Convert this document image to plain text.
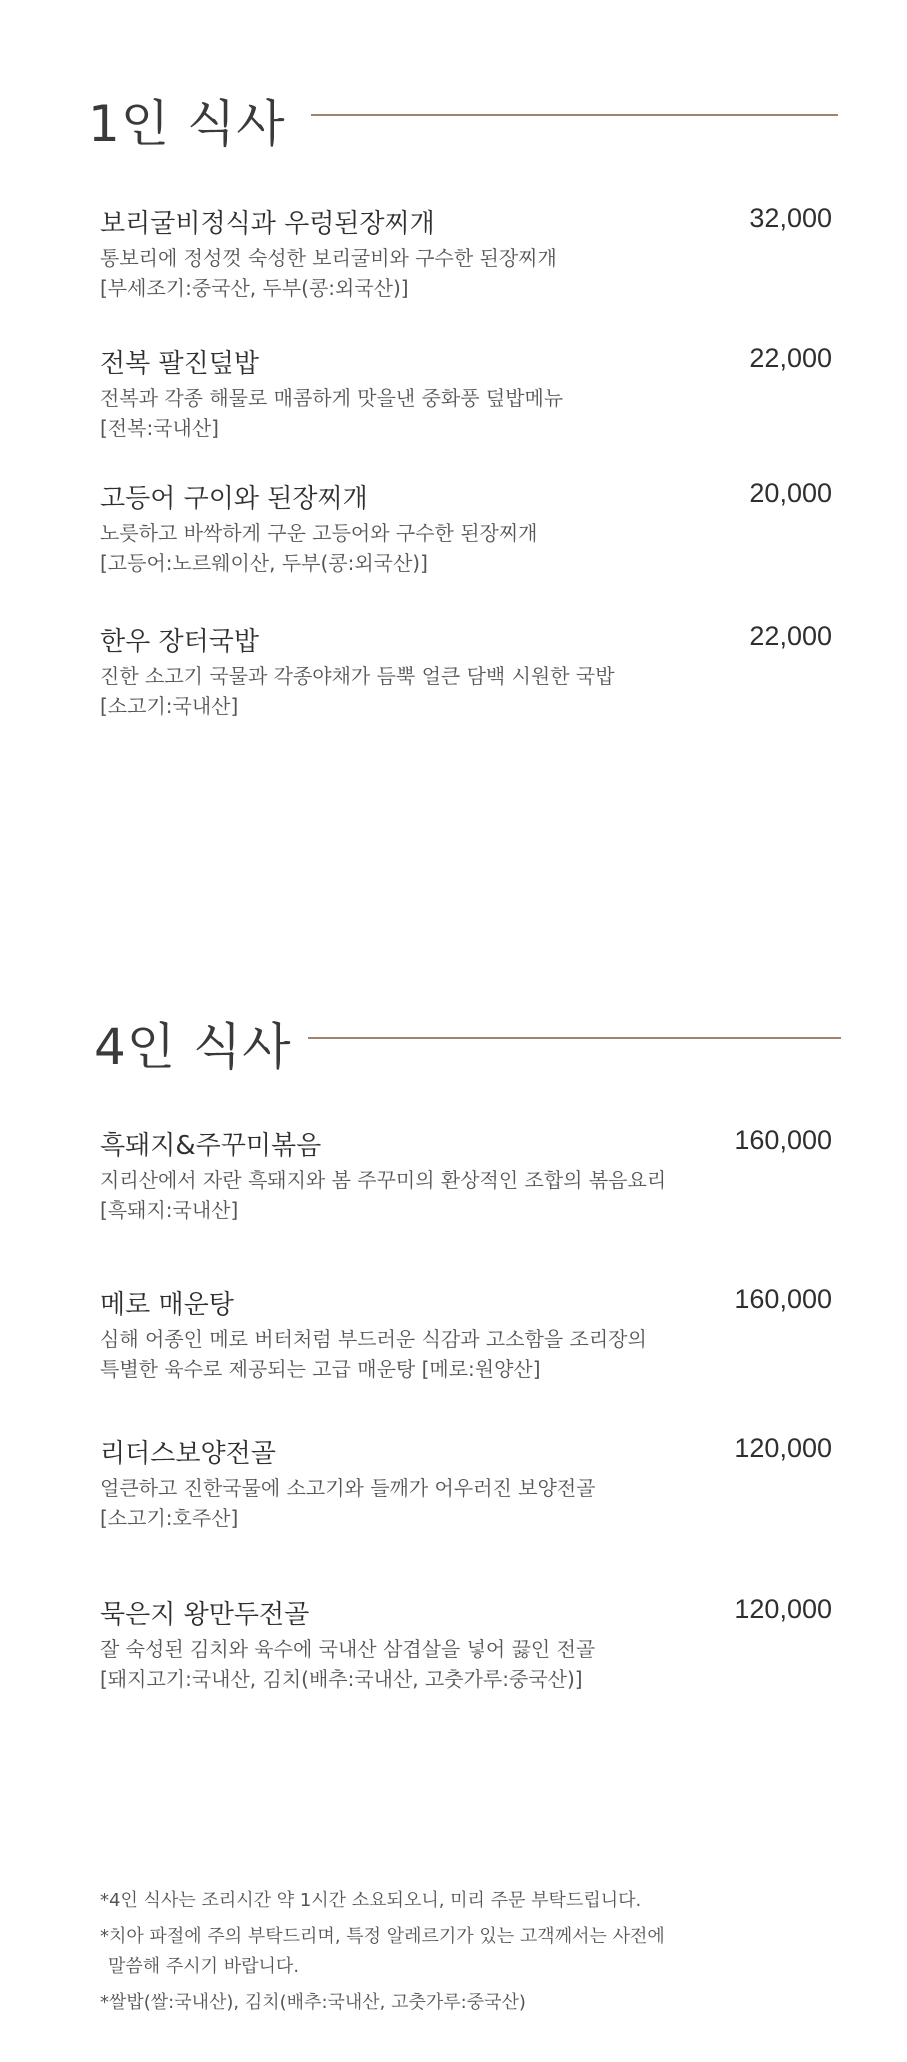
1인 식사
보리굴비정식과 우렁된장찌개	32,000
통보리에 정성껏 숙성한 보리굴비와 구수한 된장찌개
[부세조기:중국산, 두부(콩:외국산)]
전복 팔진덮밥	22,000
전복과 각종 해물로 매콤하게 맛을낸 중화풍 덮밥메뉴
[전복:국내산]
고등어 구이와 된장찌개	20,000
노릇하고 바싹하게 구운 고등어와 구수한 된장찌개
[고등어:노르웨이산, 두부(콩:외국산)]
한우 장터국밥	22,000
진한 소고기 국물과 각종야채가 듬뿍 얼큰 담백 시원한 국밥
[소고기:국내산]
4인 식사
흑돼지&주꾸미볶음	160,000
지리산에서 자란 흑돼지와 봄 주꾸미의 환상적인 조합의 볶음요리
[흑돼지:국내산]
메로 매운탕	160,000
심해 어종인 메로 버터처럼 부드러운 식감과 고소함을 조리장의
특별한 육수로 제공되는 고급 매운탕 [메로:원양산]
리더스보양전골	120,000
얼큰하고 진한국물에 소고기와 들깨가 어우러진 보양전골
[소고기:호주산]
묵은지 왕만두전골	120,000
잘 숙성된 김치와 육수에 국내산 삼겹살을 넣어 끓인 전골
[돼지고기:국내산, 김치(배추:국내산, 고춧가루:중국산)]
*4인 식사는 조리시간 약 1시간 소요되오니, 미리 주문 부탁드립니다.
*치아 파절에 주의 부탁드리며, 특정 알레르기가 있는 고객께서는 사전에
말씀해 주시기 바랍니다.
*쌀밥(쌀:국내산), 김치(배추:국내산, 고춧가루:중국산)
